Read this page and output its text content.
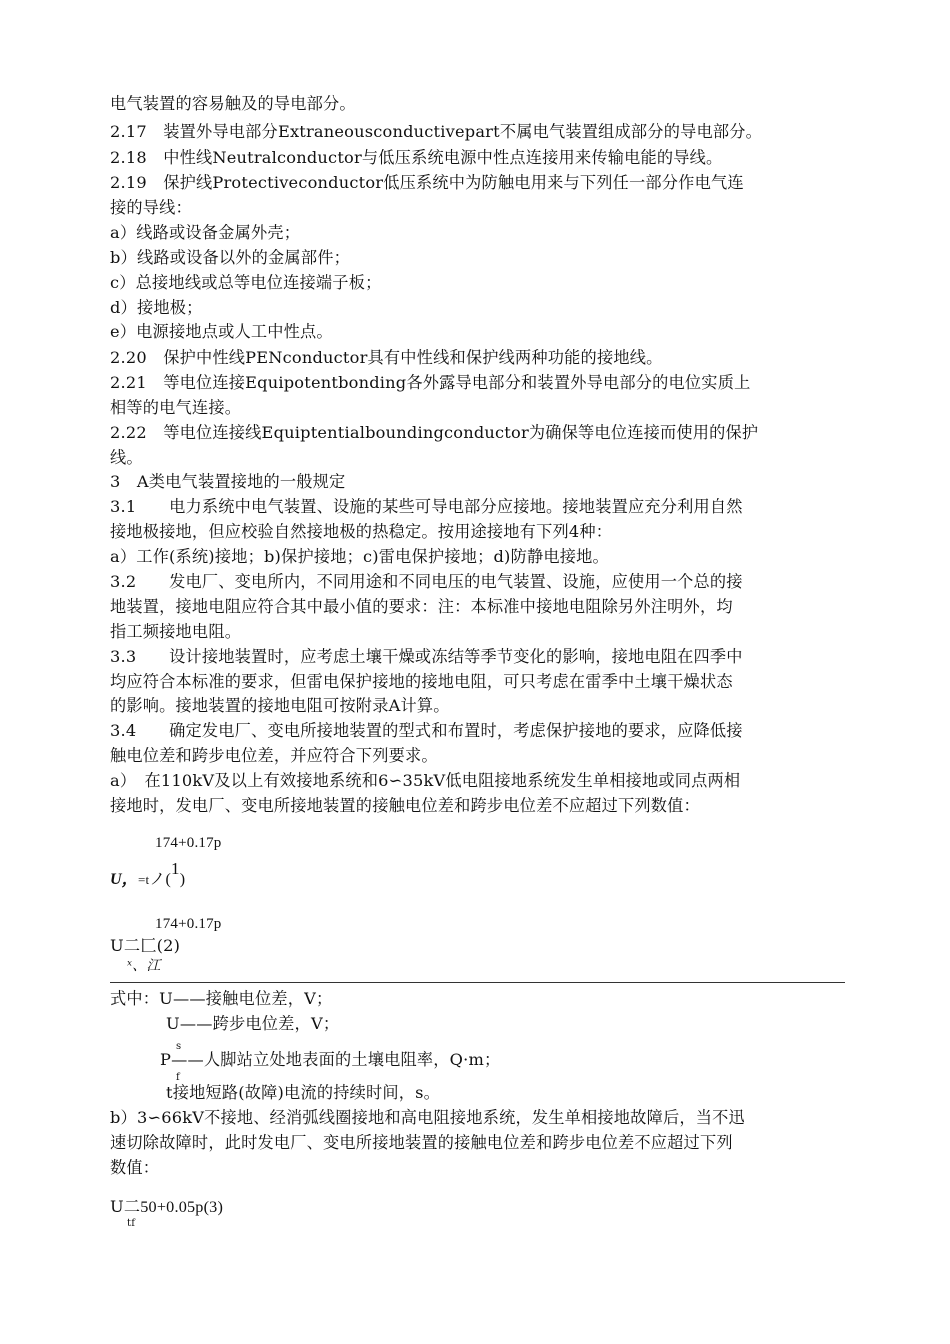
电气装置的容易触及的导电部分。
2.17　装置外导电部分Extraneousconductivepart不属电气装置组成部分的导电部分。
2.18　中性线Neutralconductor与低压系统电源中性点连接用来传输电能的导线。
2.19　保护线Protectiveconductor低压系统中为防触电用来与下列任一部分作电气连
接的导线：
a）线路或设备金属外壳；
b）线路或设备以外的金属部件；
c）总接地线或总等电位连接端子板；
d）接地极；
e）电源接地点或人工中性点。
2.20　保护中性线PENconductor具有中性线和保护线两种功能的接地线。
2.21　等电位连接Equipotentbonding各外露导电部分和装置外导电部分的电位实质上
相等的电气连接。
2.22　等电位连接线Equiptentialboundingconductor为确保等电位连接而使用的保护
线。
3　A类电气装置接地的一般规定
3.1　　电力系统中电气装置、设施的某些可导电部分应接地。接地装置应充分利用自然
接地极接地，但应校验自然接地极的热稳定。按用途接地有下列4种：
a）工作(系统)接地；b)保护接地；c)雷电保护接地；d)防静电接地。
3.2　　发电厂、变电所内，不同用途和不同电压的电气装置、设施，应使用一个总的接
地装置，接地电阻应符合其中最小值的要求：注：本标准中接地电阻除另外注明外，均
指工频接地电阻。
3.3　　设计接地装置时，应考虑土壤干燥或冻结等季节变化的影响，接地电阻在四季中
均应符合本标准的要求，但雷电保护接地的接地电阻，可只考虑在雷季中土壤干燥状态
的影响。接地装置的接地电阻可按附录A计算。
3.4　　确定发电厂、变电所接地装置的型式和布置时，考虑保护接地的要求，应降低接
触电位差和跨步电位差，并应符合下列要求。
a）　在110kV及以上有效接地系统和6∽35kV低电阻接地系统发生单相接地或同点两相
接地时，发电厂、变电所接地装置的接触电位差和跨步电位差不应超过下列数值：
174+0.17p
U，=tノ(1)
174+0.17p
U二匚(2)
ˣ、江
式中：U——接触电位差，V；
U——跨步电位差，V；
s
P——人脚站立处地表面的土壤电阻率，Q·m；
f
t接地短路(故障)电流的持续时间，s。
b）3∽66kV不接地、经消弧线圈接地和高电阻接地系统，发生单相接地故障后，当不迅
速切除故障时，此时发电厂、变电所接地装置的接触电位差和跨步电位差不应超过下列
数值：
U二50+0.05p(3)
tf
